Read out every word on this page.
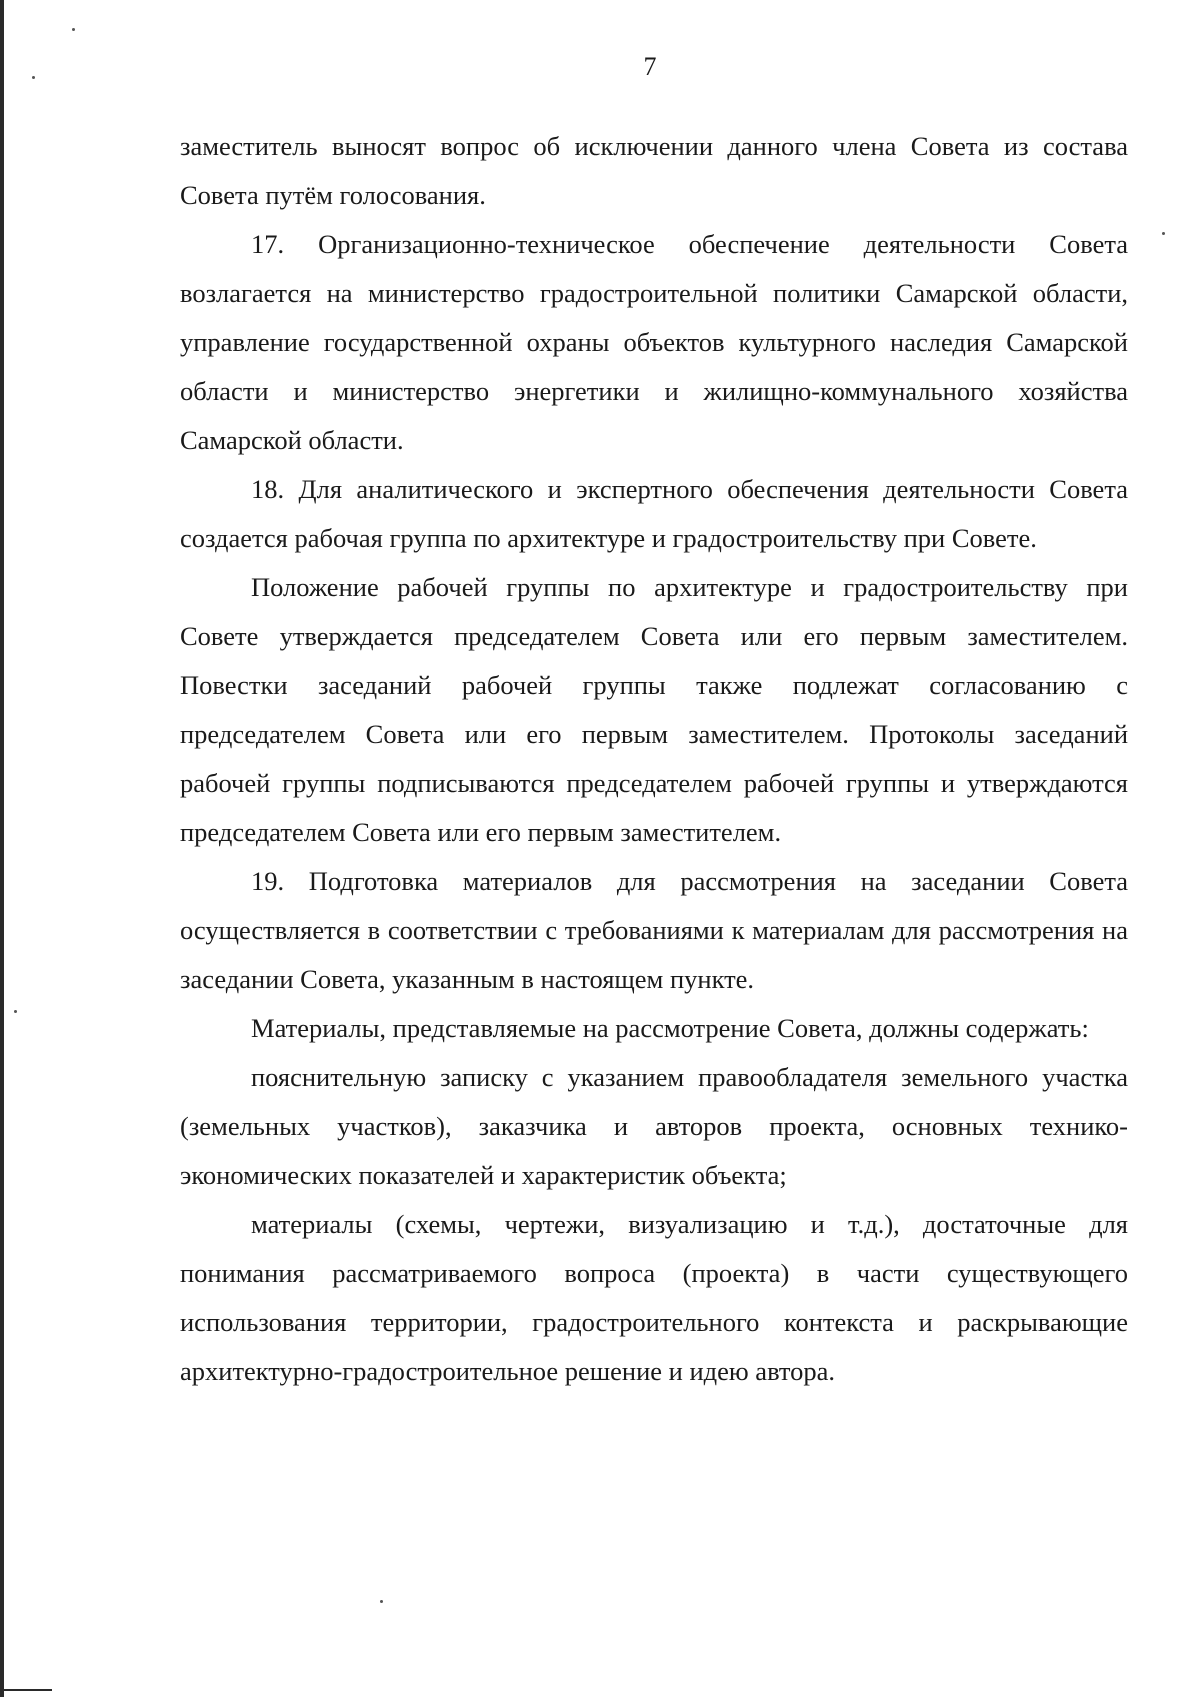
7

заместитель выносят вопрос об исключении данного члена Совета из состава Совета путём голосования.

17. Организационно-техническое обеспечение деятельности Совета возлагается на министерство градостроительной политики Самарской области, управление государственной охраны объектов культурного наследия Самарской области и министерство энергетики и жилищно-коммунального хозяйства Самарской области.

18. Для аналитического и экспертного обеспечения деятельности Совета создается рабочая группа по архитектуре и градостроительству при Совете.

Положение рабочей группы по архитектуре и градостроительству при Совете утверждается председателем Совета или его первым заместителем. Повестки заседаний рабочей группы также подлежат согласованию с председателем Совета или его первым заместителем. Протоколы заседаний рабочей группы подписываются председателем рабочей группы и утверждаются председателем Совета или его первым заместителем.

19. Подготовка материалов для рассмотрения на заседании Совета осуществляется в соответствии с требованиями к материалам для рассмотрения на заседании Совета, указанным в настоящем пункте.

Материалы, представляемые на рассмотрение Совета, должны содержать:

пояснительную записку с указанием правообладателя земельного участка (земельных участков), заказчика и авторов проекта, основных технико-экономических показателей и характеристик объекта;

материалы (схемы, чертежи, визуализацию и т.д.), достаточные для понимания рассматриваемого вопроса (проекта) в части существующего использования территории, градостроительного контекста и раскрывающие архитектурно-градостроительное решение и идею автора.
